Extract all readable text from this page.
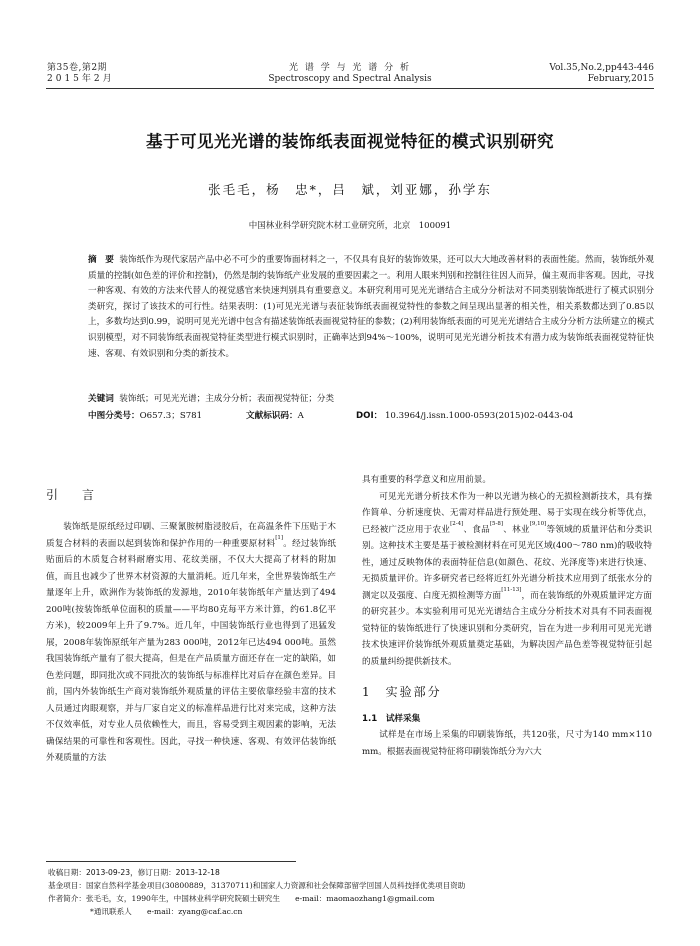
第35卷,第2期
2015年2月
光 谱 学 与 光 谱 分 析
Spectroscopy and Spectral Analysis
Vol.35,No.2,pp443-446
February,2015
基于可见光光谱的装饰纸表面视觉特征的模式识别研究
张毛毛，杨　忠*，吕　斌，刘亚娜，孙学东
中国林业科学研究院木材工业研究所，北京　100091
摘　要 装饰纸作为现代家居产品中必不可少的重要饰面材料之一，不仅具有良好的装饰效果，还可以大大地改善材料的表面性能。然而，装饰纸外观质量的控制(如色差的评价和控制)，仍然是制约装饰纸产业发展的重要因素之一。利用人眼来判别和控制往往因人而异，偏主观而非客观。因此，寻找一种客观、有效的方法来代替人的视觉感官来快速判别具有重要意义。本研究利用可见光光谱结合主成分分析法对不同类别装饰纸进行了模式识别分类研究，探讨了该技术的可行性。结果表明：(1)可见光光谱与表征装饰纸表面视觉特性的参数之间呈现出显著的相关性，相关系数都达到了0.85以上，多数均达到0.99，说明可见光光谱中包含有描述装饰纸表面视觉特征的参数；(2)利用装饰纸表面的可见光光谱结合主成分分析方法所建立的模式识别模型，对不同装饰纸表面视觉特征类型进行模式识别时，正确率达到94%～100%，说明可见光光谱分析技术有潜力成为装饰纸表面视觉特征快速、客观、有效识别和分类的新技术。
关键词 装饰纸；可见光光谱；主成分分析；表面视觉特征；分类
中图分类号：O657.3；S781	文献标识码：A	DOI： 10.3964/j.issn.1000-0593(2015)02-0443-04
引　言

装饰纸是原纸经过印刷、三聚氰胺树脂浸胶后，在高温条件下压贴于木质复合材料的表面以起到装饰和保护作用的一种重要原材料[1]。经过装饰纸贴面后的木质复合材料耐磨实用、花纹美丽，不仅大大提高了材料的附加值，而且也减少了世界木材资源的大量消耗。近几年来，全世界装饰纸生产量逐年上升，欧洲作为装饰纸的发源地，2010年装饰纸年产量达到了494 200吨(按装饰纸单位面积的质量——平均80克每平方米计算，约61.8亿平方米)，较2009年上升了9.7%。近几年，中国装饰纸行业也得到了迅猛发展，2008年装饰原纸年产量为283 000吨，2012年已达494 000吨。虽然我国装饰纸产量有了很大提高，但是在产品质量方面还存在一定的缺陷，如色差问题，即同批次或不同批次的装饰纸与标准样比对后存在颜色差异。目前，国内外装饰纸生产商对装饰纸外观质量的评估主要依靠经验丰富的技术人员通过肉眼观察，并与厂家自定义的标准样品进行比对来完成，这种方法不仅效率低，对专业人员依赖性大，而且，容易受到主观因素的影响，无法确保结果的可靠性和客观性。因此，寻找一种快速、客观、有效评估装饰纸外观质量的方法

具有重要的科学意义和应用前景。

可见光光谱分析技术作为一种以光谱为核心的无损检测新技术，具有操作简单、分析速度快、无需对样品进行预处理、易于实现在线分析等优点，已经被广泛应用于农业[2-4]、食品[5-8]、林业[9,10]等领域的质量评估和分类识别。这种技术主要是基于被检测材料在可见光区域(400～780 nm)的吸收特性，通过反映物体的表面特征信息(如颜色、花纹、光泽度等)来进行快速、无损质量评价。许多研究者已经将近红外光谱分析技术应用到了纸张水分的测定以及强度、白度无损检测等方面[11-13]，而在装饰纸的外观质量评定方面的研究甚少。本实验利用可见光光谱结合主成分分析技术对具有不同表面视觉特征的装饰纸进行了快速识别和分类研究，旨在为进一步利用可见光光谱技术快速评价装饰纸外观质量奠定基础，为解决因产品色差等视觉特征引起的质量纠纷提供新技术。

1　实验部分
1.1　试样采集

试样是在市场上采集的印刷装饰纸，共120张，尺寸为140 mm×110 mm。根据表面视觉特征将印刷装饰纸分为六大

收稿日期：2013-09-23，修订日期：2013-12-18
基金项目：国家自然科学基金项目(30800889，31370711)和国家人力资源和社会保障部留学回国人员科技择优类项目资助
作者简介：张毛毛，女，1990年生，中国林业科学研究院硕士研究生　　e-mail：maomaozhang1@gmail.com
*通讯联系人　　e-mail：zyang@caf.ac.cn
